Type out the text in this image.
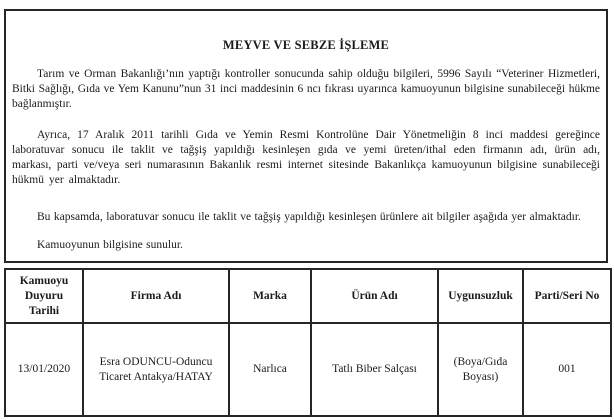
MEYVE VE SEBZE İŞLEME

Tarım ve Orman Bakanlığı’nın yaptığı kontroller sonucunda sahip olduğu bilgileri, 5996 Sayılı “Veteriner Hizmetleri, Bitki Sağlığı, Gıda ve Yem Kanunu”nun 31 inci maddesinin 6 ncı fıkrası uyarınca kamuoyunun bilgisine sunabileceği hükme bağlanmıştır.

Ayrıca, 17 Aralık 2011 tarihli Gıda ve Yemin Resmi Kontrolüne Dair Yönetmeliğin 8 inci maddesi gereğince laboratuvar sonucu ile taklit ve tağşiş yapıldığı kesinleşen gıda ve yemi üreten/ithal eden firmanın adı, ürün adı, markası, parti ve/veya seri numarasının Bakanlık resmi internet sitesinde Bakanlıkça kamuoyunun bilgisine sunabileceği hükmü yer almaktadır.

Bu kapsamda, laboratuvar sonucu ile taklit ve tağşiş yapıldığı kesinleşen ürünlere ait bilgiler aşağıda yer almaktadır.

Kamuoyunun bilgisine sunulur.

Kamuoyu Duyuru Tarihi	Firma Adı	Marka	Ürün Adı	Uygunsuzluk	Parti/Seri No
13/01/2020	Esra ODUNCU-Oduncu Ticaret Antakya/HATAY	Narlıca	Tatlı Biber Salçası	(Boya/Gıda Boyası)	001
